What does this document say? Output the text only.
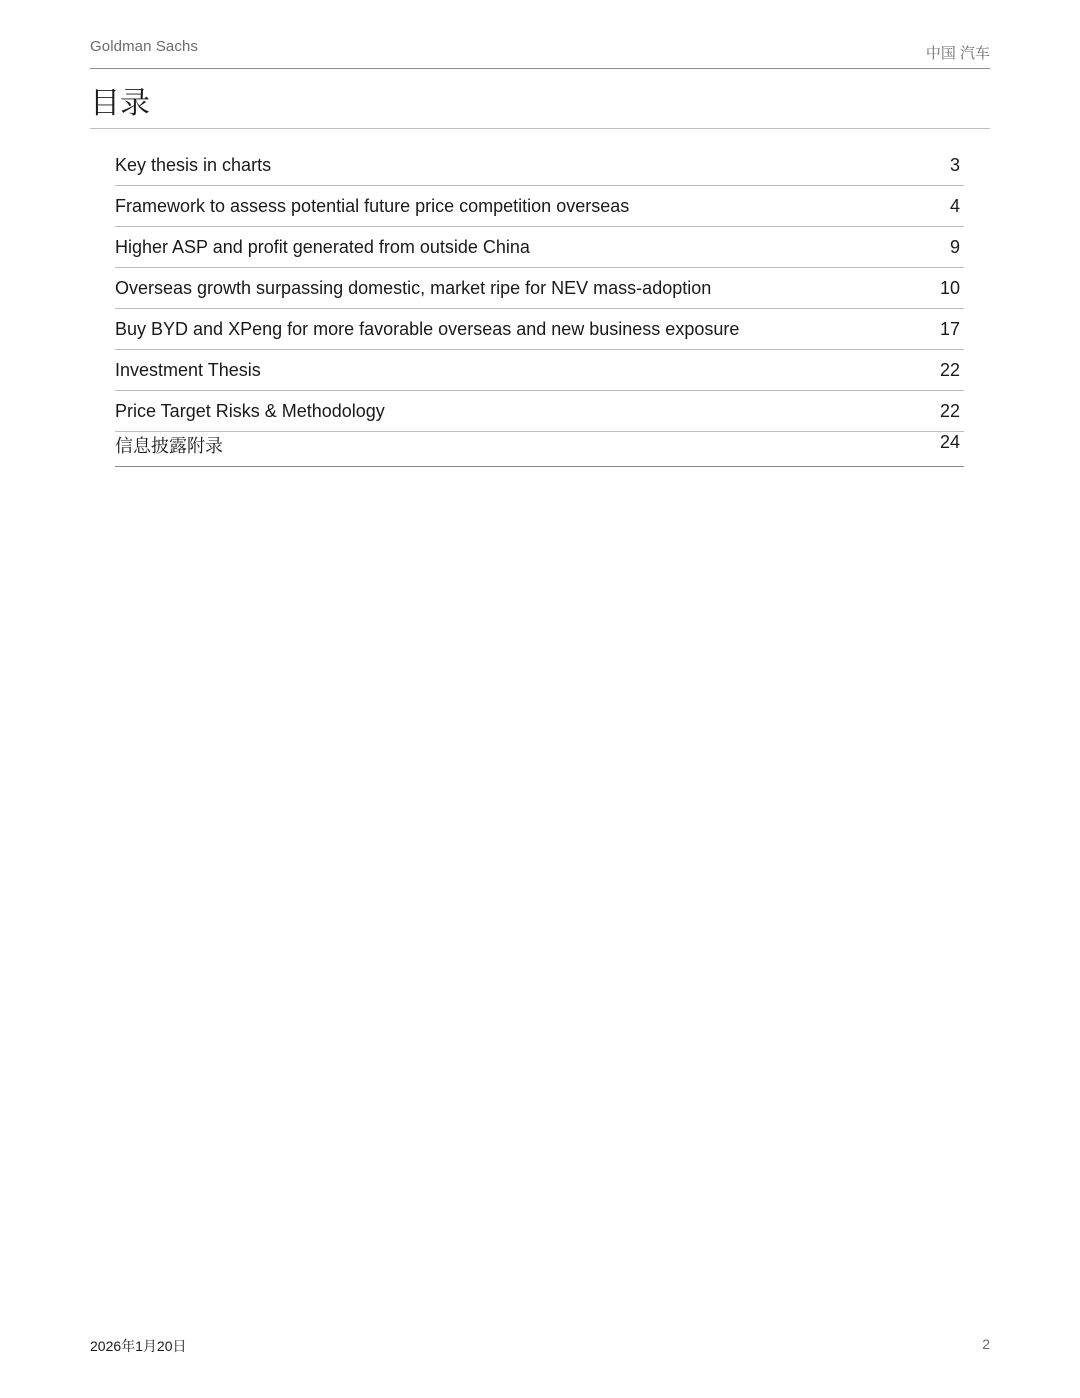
Goldman Sachs	中国 汽车
目录
Key thesis in charts	3
Framework to assess potential future price competition overseas	4
Higher ASP and profit generated from outside China	9
Overseas growth surpassing domestic, market ripe for NEV mass-adoption	10
Buy BYD and XPeng for more favorable overseas and new business exposure	17
Investment Thesis	22
Price Target Risks & Methodology	22
信息披露附录	24
2026年1月20日	2
